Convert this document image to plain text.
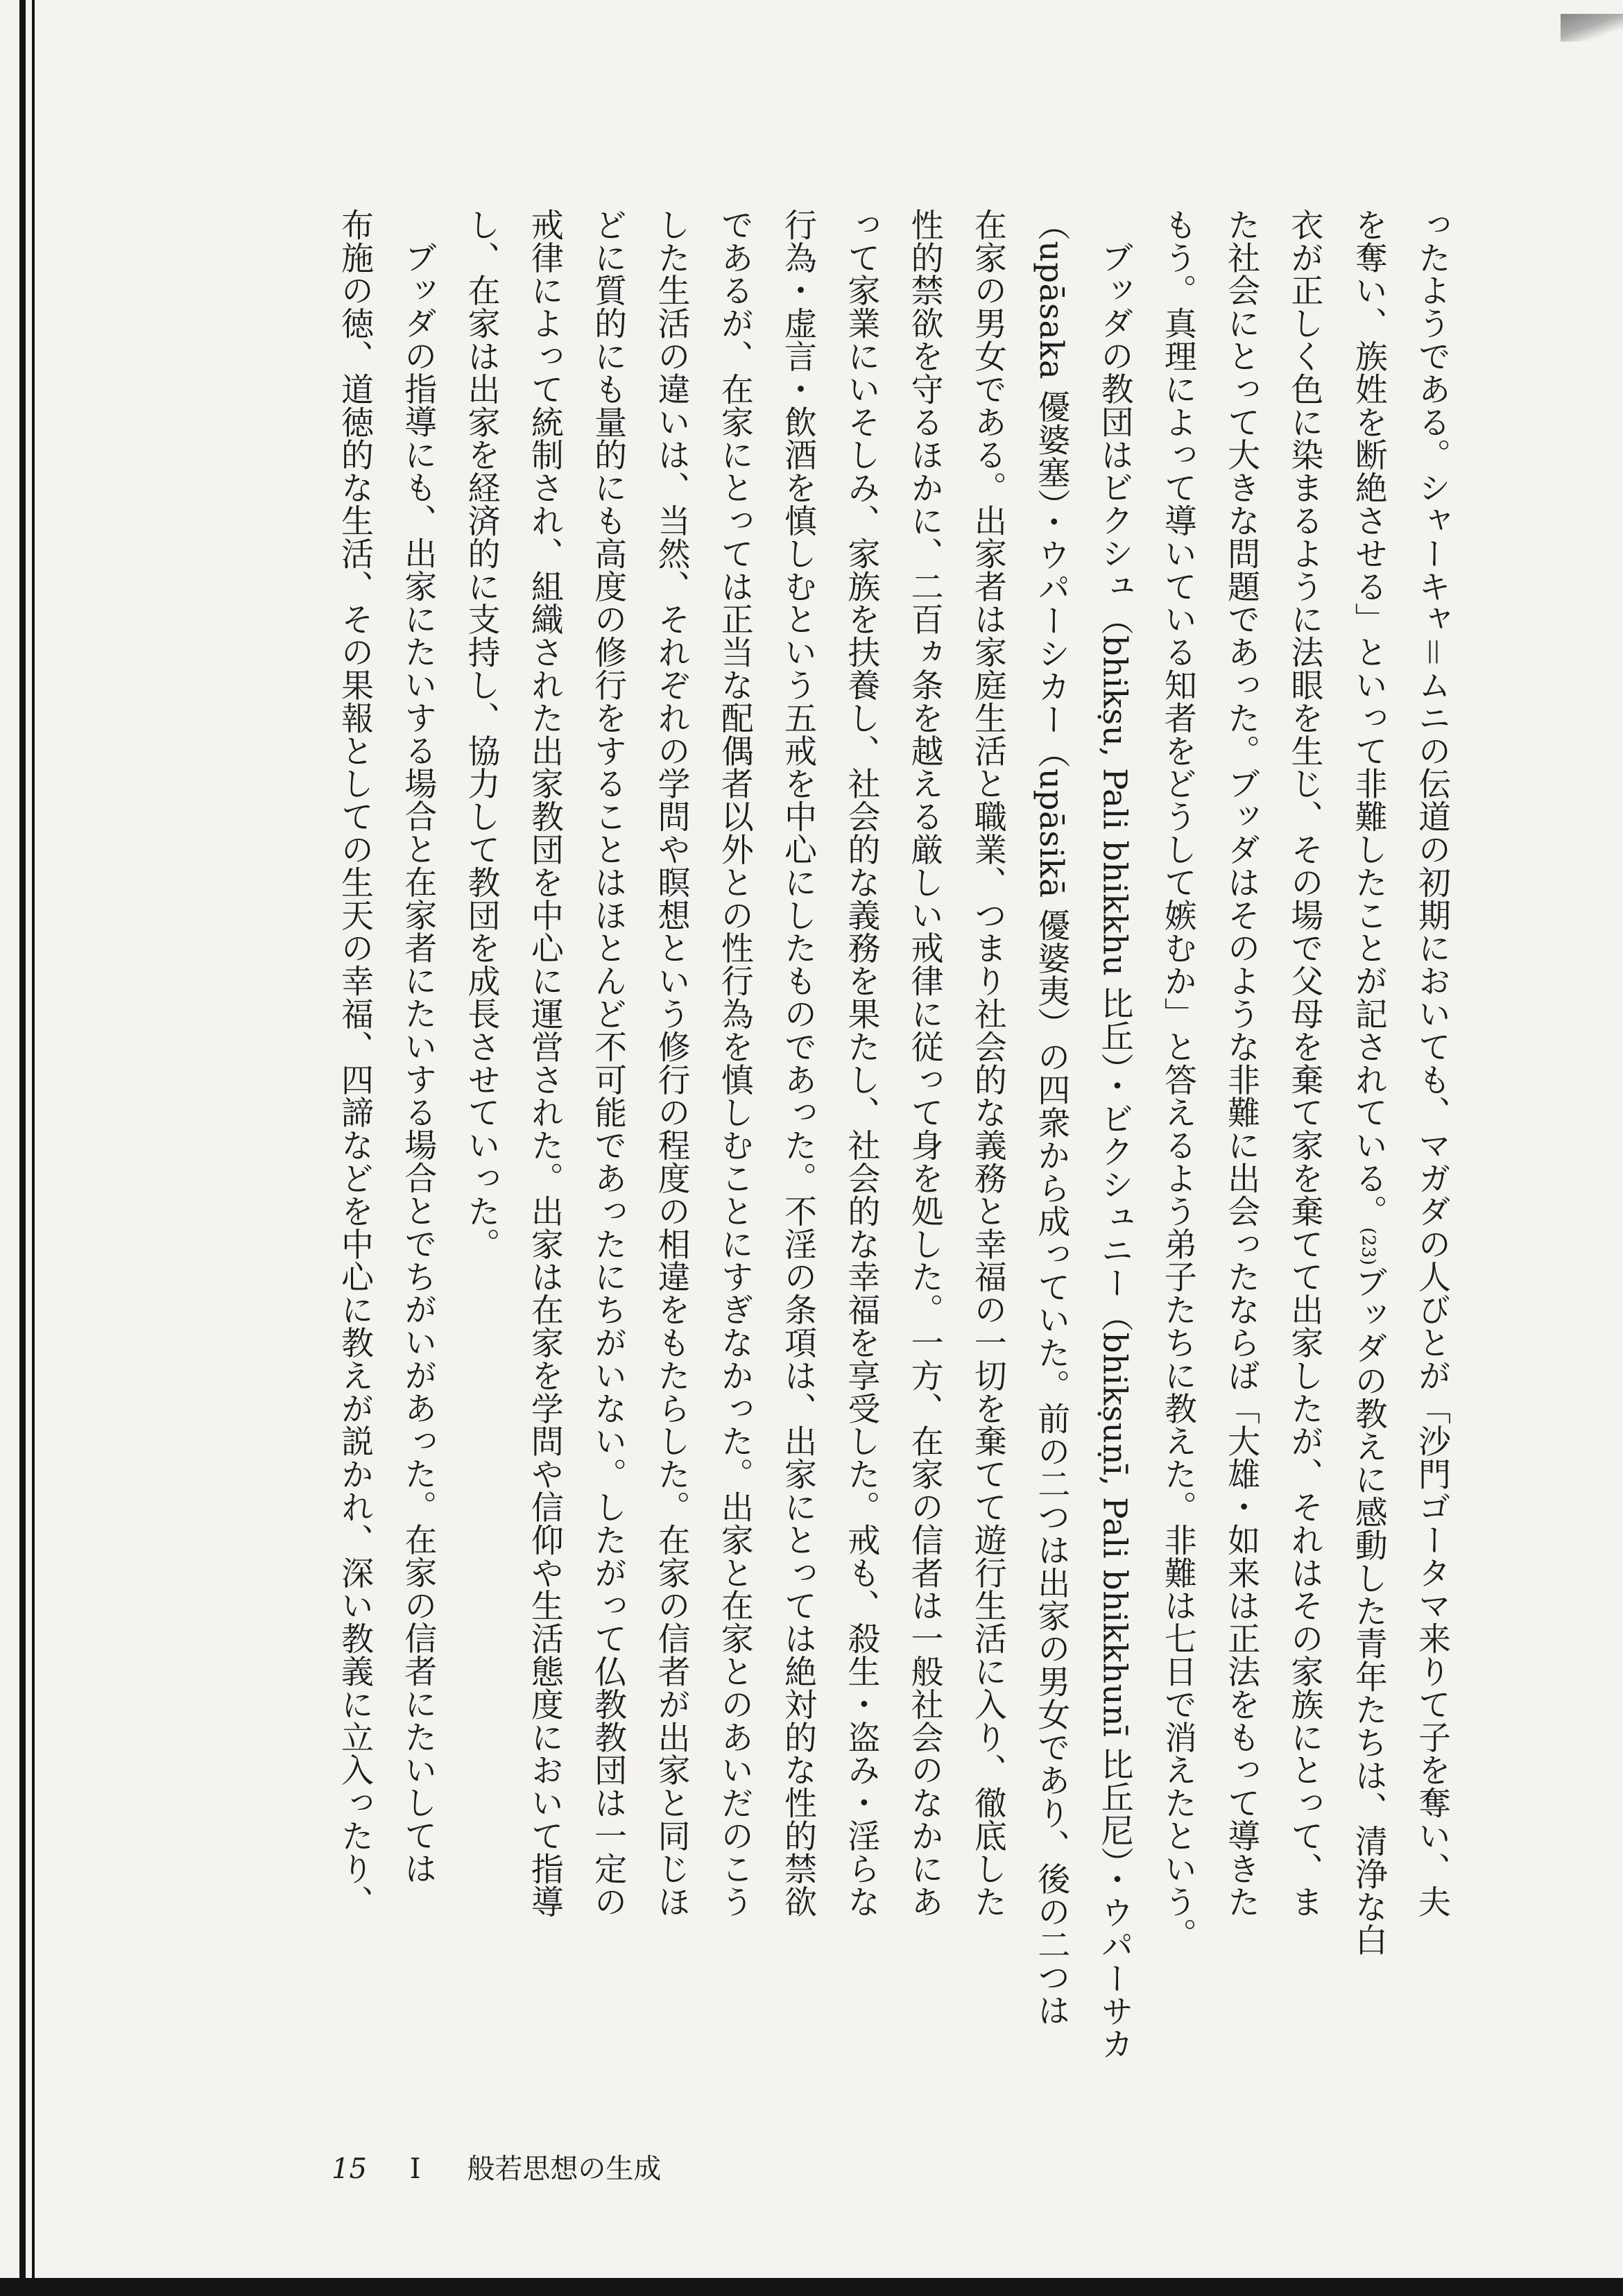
ったようである。シャーキャ＝ムニの伝道の初期においても、マガダの人びとが「沙門ゴータマ来りて子を奪い、夫

を奪い、族姓を断絶させる」といって非難したことが記されている。(23)ブッダの教えに感動した青年たちは、清浄な白

衣が正しく色に染まるように法眼を生じ、その場で父母を棄て家を棄てて出家したが、それはその家族にとって、ま

た社会にとって大きな問題であった。ブッダはそのような非難に出会ったならば「大雄・如来は正法をもって導きた

もう。真理によって導いている知者をどうして嫉むか」と答えるよう弟子たちに教えた。非難は七日で消えたという。

ブッダの教団はビクシュ（bhikṣu, Pali bhikkhu 比丘）・ビクシュニー（bhikṣuṇī, Pali bhikkhunī 比丘尼）・ウパーサカ

（upāsaka 優婆塞）・ウパーシカー（upāsikā 優婆夷）の四衆から成っていた。前の二つは出家の男女であり、後の二つは

在家の男女である。出家者は家庭生活と職業、つまり社会的な義務と幸福の一切を棄てて遊行生活に入り、徹底した

性的禁欲を守るほかに、二百ヵ条を越える厳しい戒律に従って身を処した。一方、在家の信者は一般社会のなかにあ

って家業にいそしみ、家族を扶養し、社会的な義務を果たし、社会的な幸福を享受した。戒も、殺生・盗み・淫らな

行為・虚言・飲酒を慎しむという五戒を中心にしたものであった。不淫の条項は、出家にとっては絶対的な性的禁欲

であるが、在家にとっては正当な配偶者以外との性行為を慎しむことにすぎなかった。出家と在家とのあいだのこう

した生活の違いは、当然、それぞれの学問や瞑想という修行の程度の相違をもたらした。在家の信者が出家と同じほ

どに質的にも量的にも高度の修行をすることはほとんど不可能であったにちがいない。したがって仏教教団は一定の

戒律によって統制され、組織された出家教団を中心に運営された。出家は在家を学問や信仰や生活態度において指導

し、在家は出家を経済的に支持し、協力して教団を成長させていった。

ブッダの指導にも、出家にたいする場合と在家者にたいする場合とでちがいがあった。在家の信者にたいしては

布施の徳、道徳的な生活、その果報としての生天の幸福、四諦などを中心に教えが説かれ、深い教義に立入ったり、

15 I 般若思想の生成
